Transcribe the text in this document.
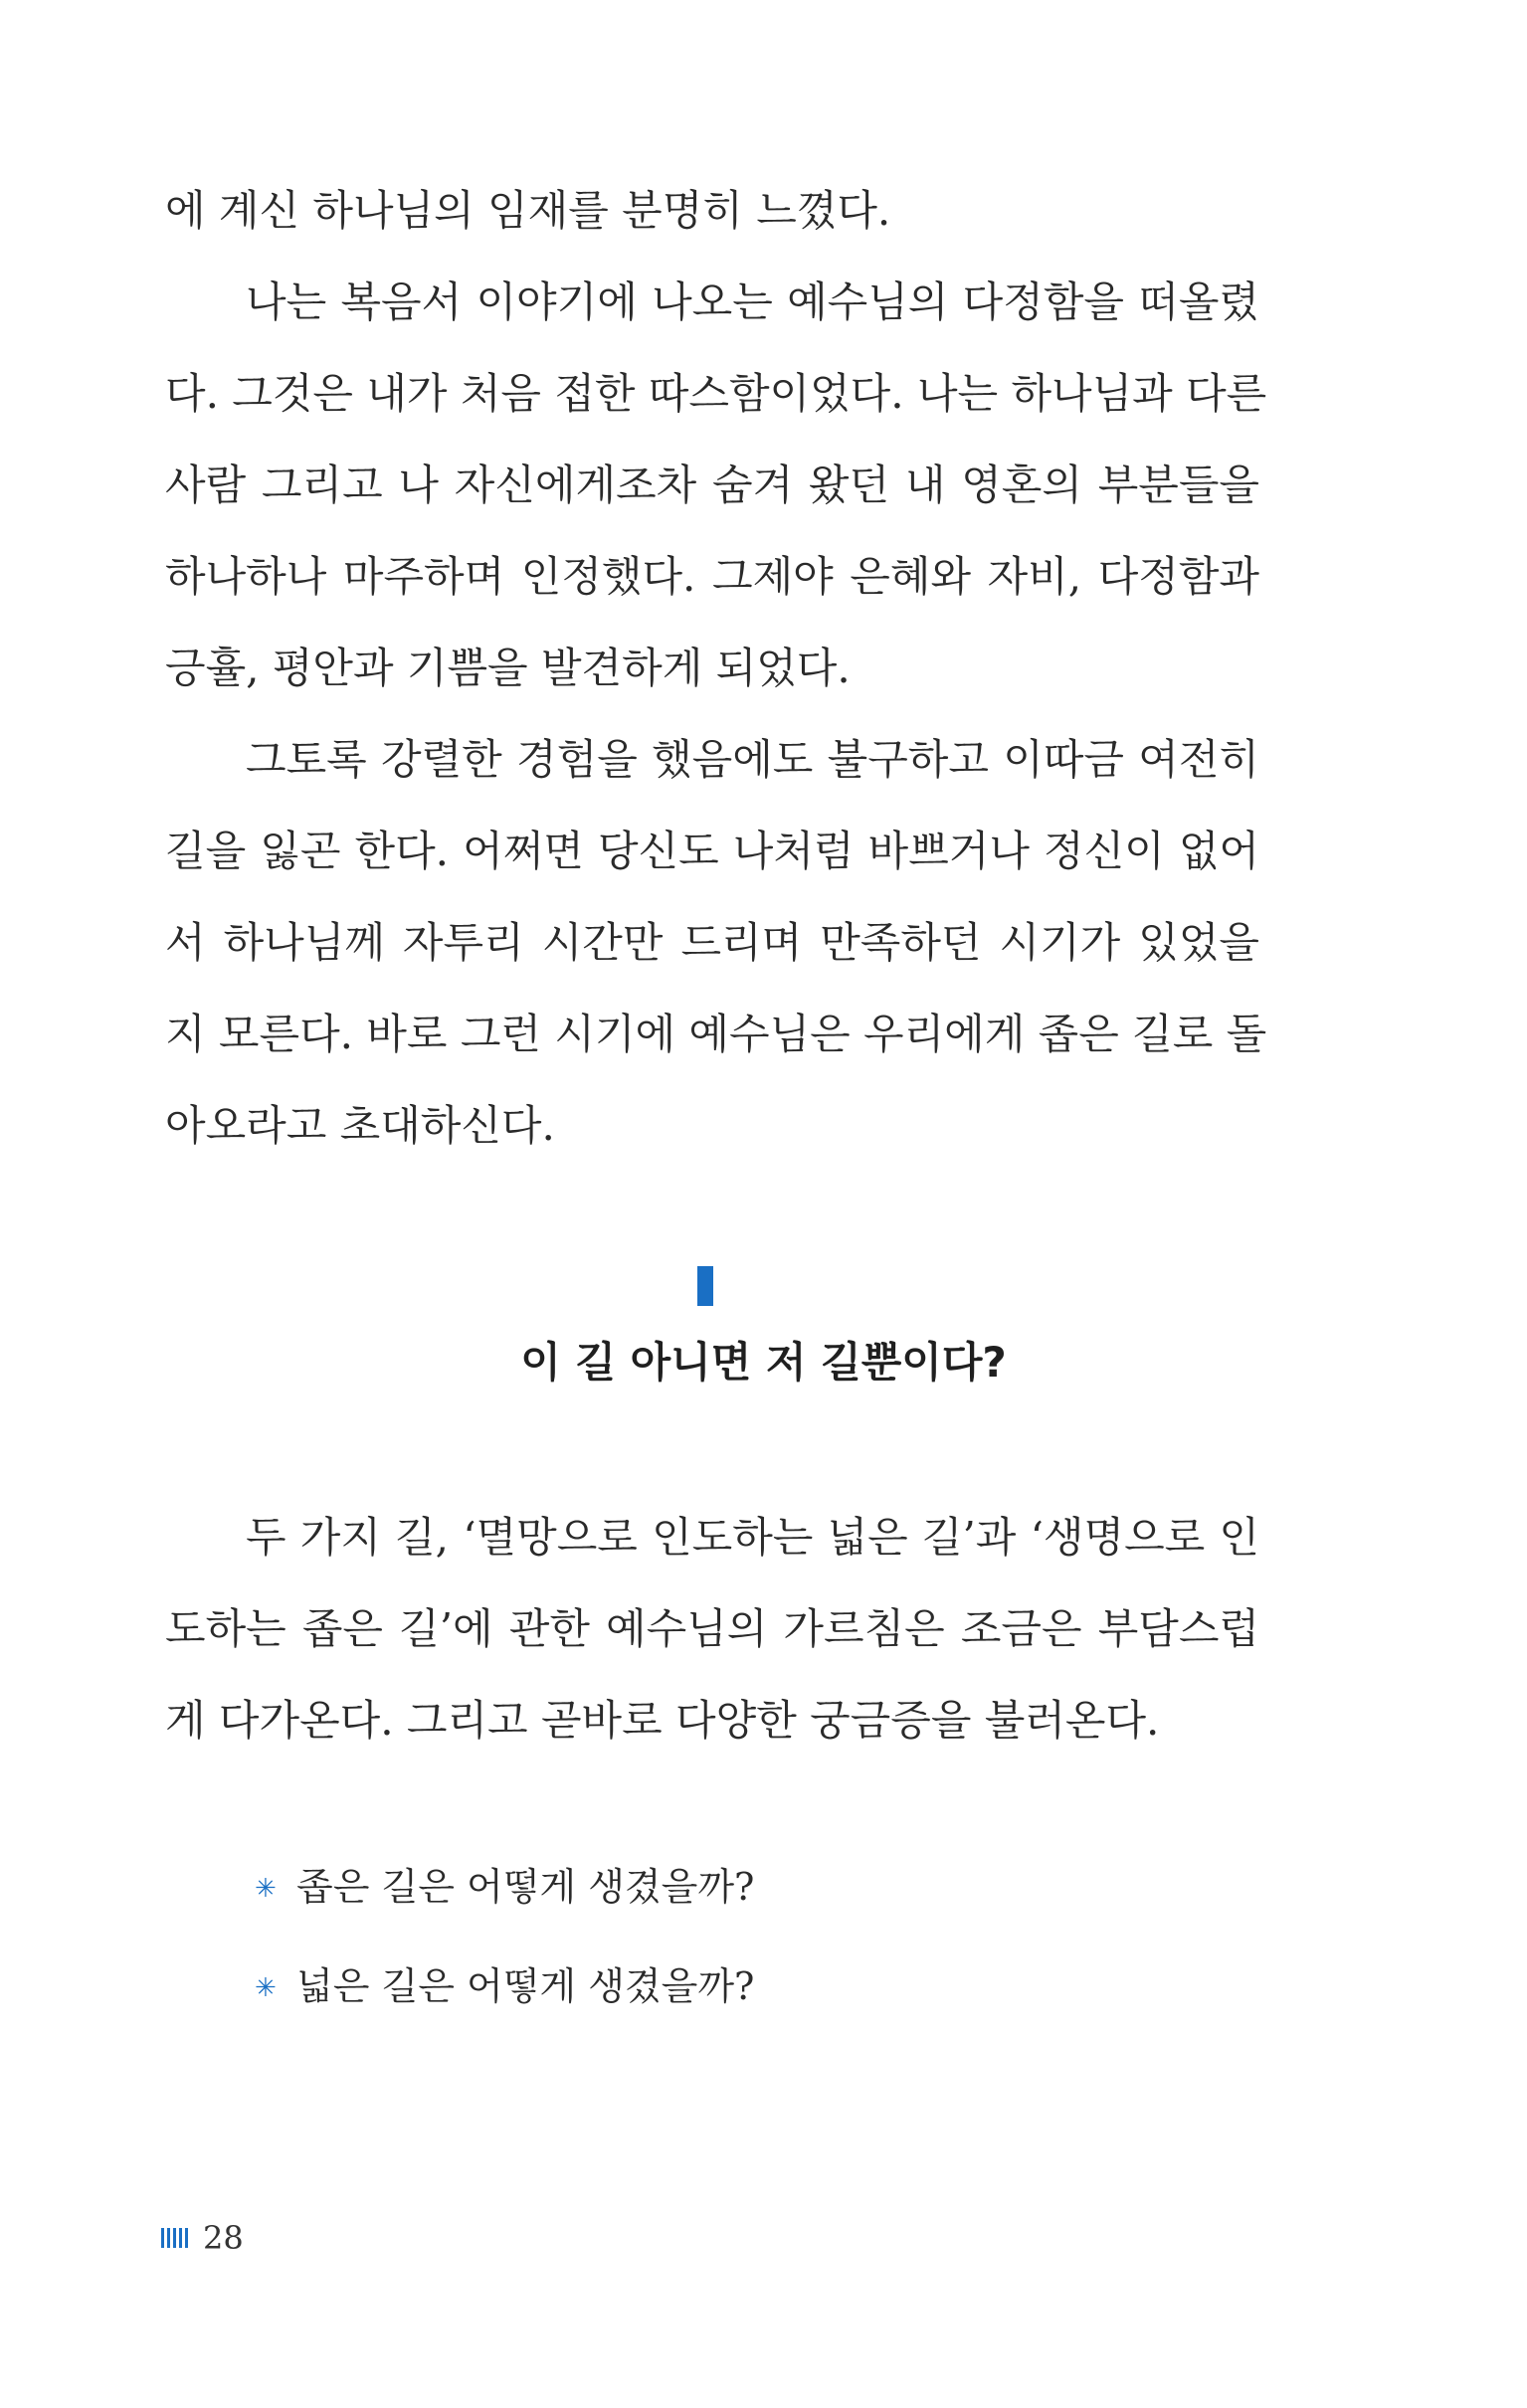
에 계신 하나님의 임재를 분명히 느꼈다.
나는 복음서 이야기에 나오는 예수님의 다정함을 떠올렸
다. 그것은 내가 처음 접한 따스함이었다. 나는 하나님과 다른
사람 그리고 나 자신에게조차 숨겨 왔던 내 영혼의 부분들을
하나하나 마주하며 인정했다. 그제야 은혜와 자비, 다정함과
긍휼, 평안과 기쁨을 발견하게 되었다.
그토록 강렬한 경험을 했음에도 불구하고 이따금 여전히
길을 잃곤 한다. 어쩌면 당신도 나처럼 바쁘거나 정신이 없어
서 하나님께 자투리 시간만 드리며 만족하던 시기가 있었을
지 모른다. 바로 그런 시기에 예수님은 우리에게 좁은 길로 돌
아오라고 초대하신다.
이 길 아니면 저 길뿐이다?
두 가지 길, ‘멸망으로 인도하는 넓은 길’과 ‘생명으로 인
도하는 좁은 길’에 관한 예수님의 가르침은 조금은 부담스럽
게 다가온다. 그리고 곧바로 다양한 궁금증을 불러온다.
✳ 좁은 길은 어떻게 생겼을까?
✳ 넓은 길은 어떻게 생겼을까?
28
